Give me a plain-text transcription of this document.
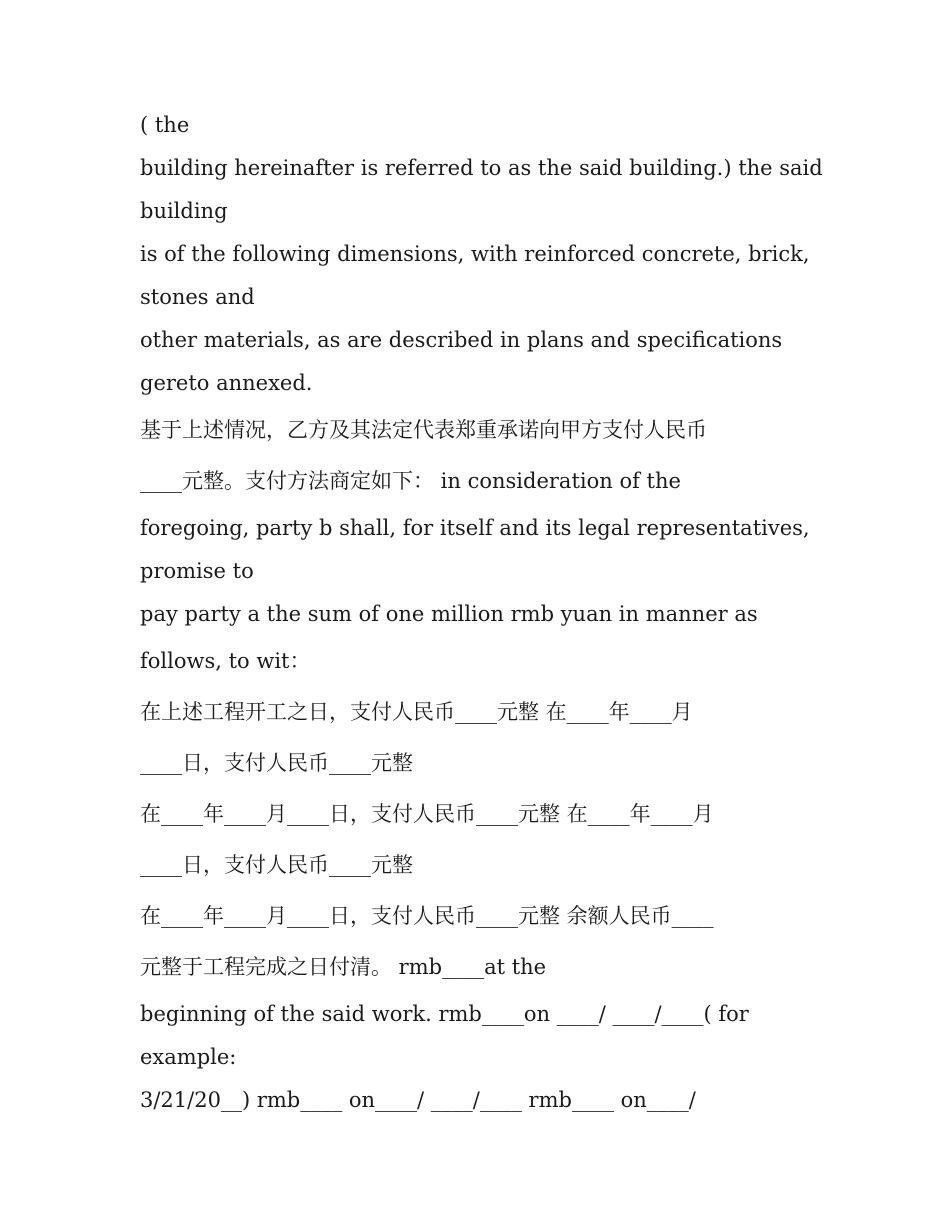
( the
building hereinafter is referred to as the said building.) the said
building
is of the following dimensions, with reinforced concrete, brick,
stones and
other materials, as are described in plans and specifications
gereto annexed.
基于上述情况，乙方及其法定代表郑重承诺向甲方支付人民币
____元整。支付方法商定如下： in consideration of the
foregoing, party b shall, for itself and its legal representatives,
promise to
pay party a the sum of one million rmb yuan in manner as
follows, to wit：
在上述工程开工之日，支付人民币____元整 在____年____月
____日，支付人民币____元整
在____年____月____日，支付人民币____元整 在____年____月
____日，支付人民币____元整
在____年____月____日，支付人民币____元整 余额人民币____
元整于工程完成之日付清。 rmb____at the
beginning of the said work. rmb____on ____/ ____/____( for
example:
3/21/20__) rmb____ on____/ ____/____ rmb____ on____/
